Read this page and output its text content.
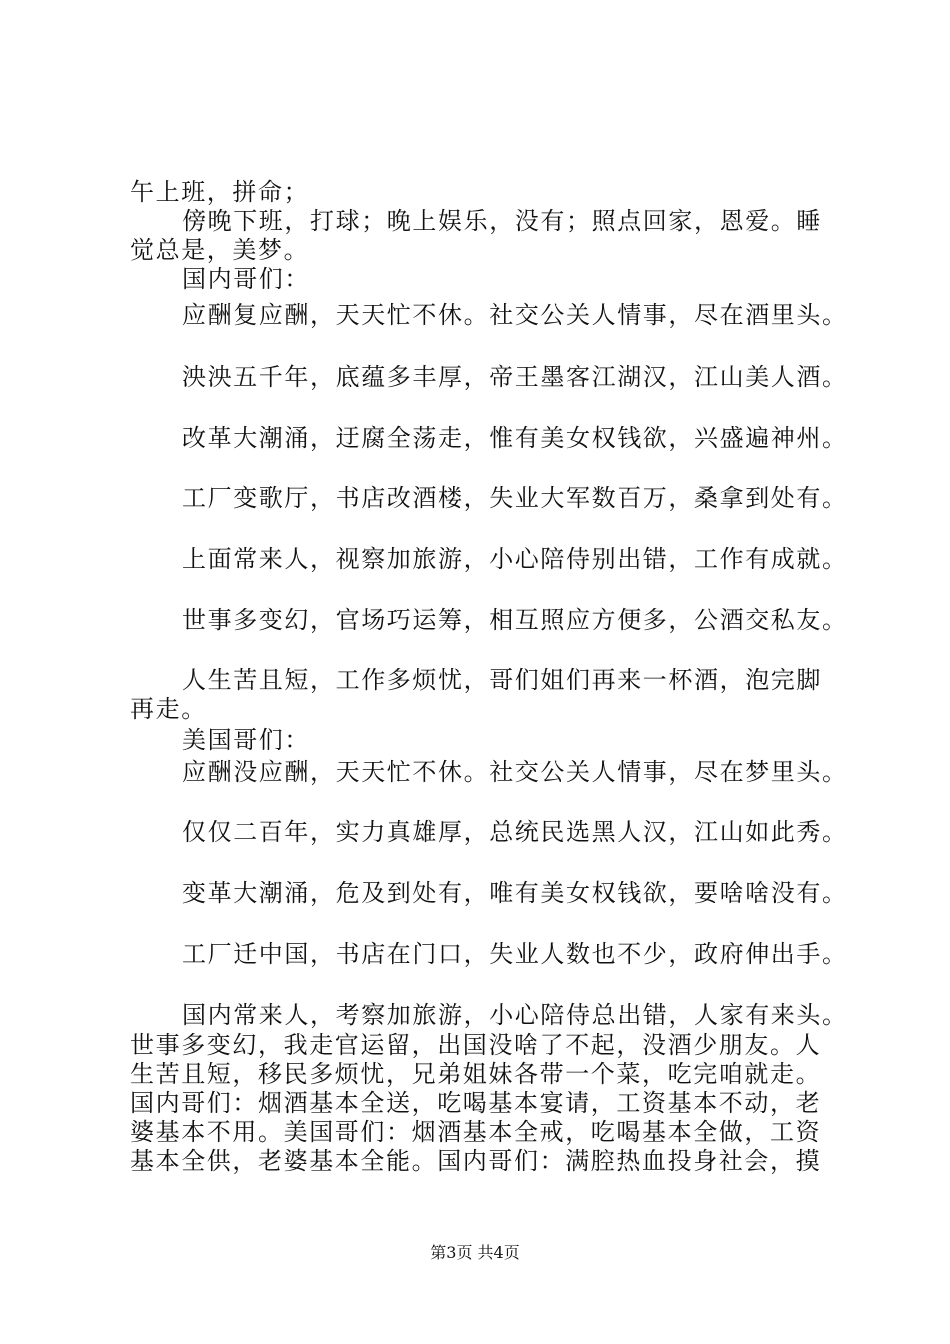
午上班，拼命；
傍晚下班，打球；晚上娱乐，没有；照点回家，恩爱。睡
觉总是，美梦。
国内哥们：
应酬复应酬，天天忙不休。社交公关人情事，尽在酒里头。
泱泱五千年，底蕴多丰厚，帝王墨客江湖汉，江山美人酒。
改革大潮涌，迂腐全荡走，惟有美女权钱欲，兴盛遍神州。
工厂变歌厅，书店改酒楼，失业大军数百万，桑拿到处有。
上面常来人，视察加旅游，小心陪侍别出错，工作有成就。
世事多变幻，官场巧运筹，相互照应方便多，公酒交私友。
人生苦且短，工作多烦忧，哥们姐们再来一杯酒，泡完脚
再走。
美国哥们：
应酬没应酬，天天忙不休。社交公关人情事，尽在梦里头。
仅仅二百年，实力真雄厚，总统民选黑人汉，江山如此秀。
变革大潮涌，危及到处有，唯有美女权钱欲，要啥啥没有。
工厂迁中国，书店在门口，失业人数也不少，政府伸出手。
国内常来人，考察加旅游，小心陪侍总出错，人家有来头。
世事多变幻，我走官运留，出国没啥了不起，没酒少朋友。人
生苦且短，移民多烦忧，兄弟姐妹各带一个菜，吃完咱就走。
国内哥们：烟酒基本全送，吃喝基本宴请，工资基本不动，老
婆基本不用。美国哥们：烟酒基本全戒，吃喝基本全做，工资
基本全供，老婆基本全能。国内哥们：满腔热血投身社会，摸
第3页 共4页
